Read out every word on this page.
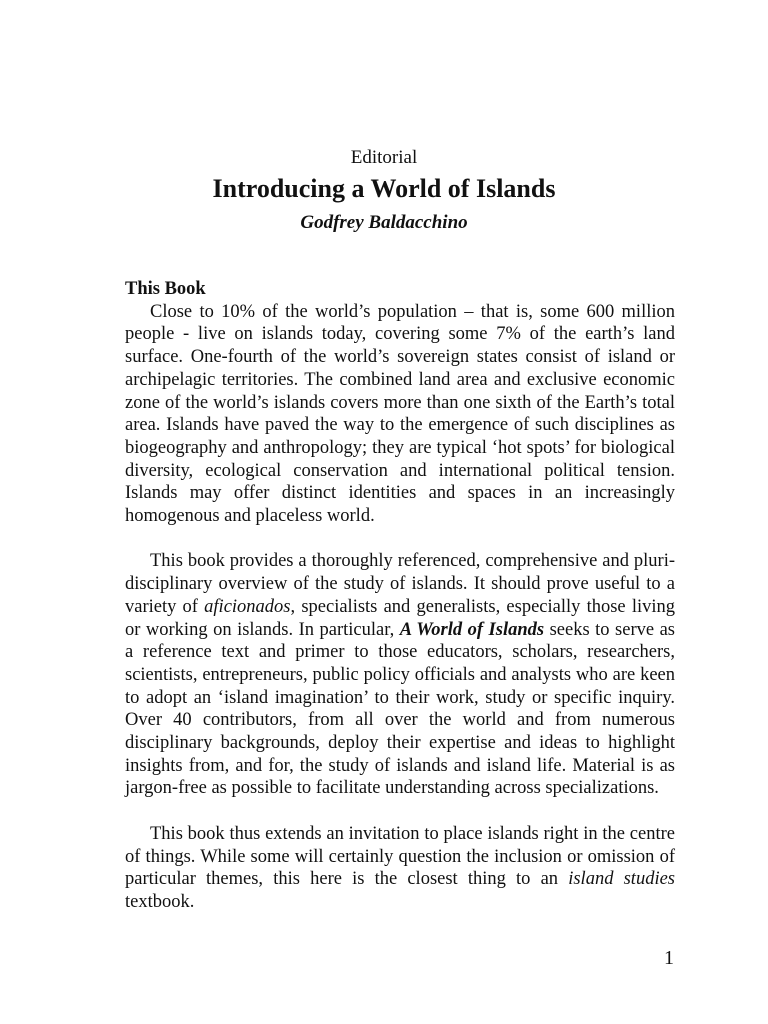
Editorial
Introducing a World of Islands
Godfrey Baldacchino

This Book

Close to 10% of the world’s population – that is, some 600 million people - live on islands today, covering some 7% of the earth’s land surface. One-fourth of the world’s sovereign states consist of island or archipelagic territories. The combined land area and exclusive economic zone of the world’s islands covers more than one sixth of the Earth’s total area. Islands have paved the way to the emergence of such disciplines as biogeography and anthropology; they are typical ‘hot spots’ for biological diversity, ecological conservation and international political tension. Islands may offer distinct identities and spaces in an increasingly homogenous and placeless world.

This book provides a thoroughly referenced, comprehensive and pluri-disciplinary overview of the study of islands. It should prove useful to a variety of aficionados, specialists and generalists, especially those living or working on islands. In particular, A World of Islands seeks to serve as a reference text and primer to those educators, scholars, researchers, scientists, entrepreneurs, public policy officials and analysts who are keen to adopt an ‘island imagination’ to their work, study or specific inquiry. Over 40 contributors, from all over the world and from numerous disciplinary backgrounds, deploy their expertise and ideas to highlight insights from, and for, the study of islands and island life. Material is as jargon-free as possible to facilitate understanding across specializations.

This book thus extends an invitation to place islands right in the centre of things. While some will certainly question the inclusion or omission of particular themes, this here is the closest thing to an island studies textbook.

1
